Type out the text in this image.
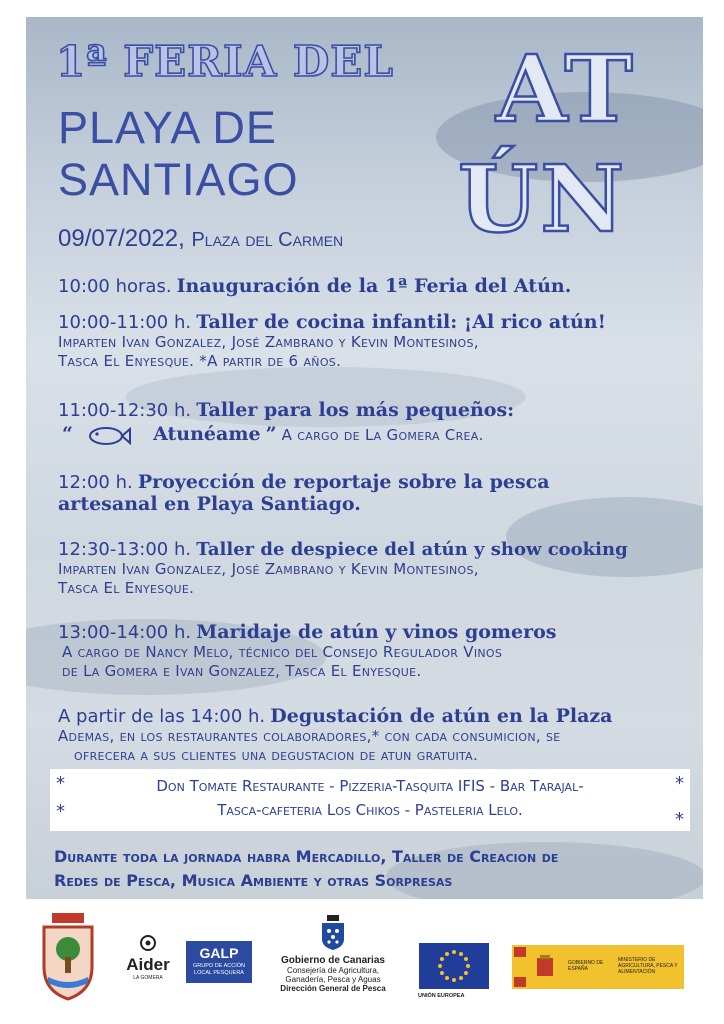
1ª FERIA DEL AT
ÚN
PLAYA DE
SANTIAGO
09/07/2022, Plaza del Carmen
10:00 horas. Inauguración de la 1ª Feria del Atún.
10:00-11:00 h. Taller de cocina infantil: ¡Al rico atún!
Imparten Ivan Gonzalez, José Zambrano y Kevin Montesinos,
Tasca El Enyesque. *A partir de 6 años.
11:00-12:30 h. Taller para los más pequeños:
“	Atunéame ” A cargo de La Gomera Crea.
12:00 h. Proyección de reportaje sobre la pesca
artesanal en Playa Santiago.
12:30-13:00 h. Taller de despiece del atún y show cooking
Imparten Ivan Gonzalez, José Zambrano y Kevin Montesinos,
Tasca El Enyesque.
13:00-14:00 h. Maridaje de atún y vinos gomeros
A cargo de Nancy Melo, técnico del Consejo Regulador Vinos
de La Gomera e Ivan Gonzalez, Tasca El Enyesque.
A partir de las 14:00 h. Degustación de atún en la Plaza
Ademas, en los restaurantes colaboradores,* con cada consumicion, se
ofrecera a sus clientes una degustacion de atun gratuita.
*	*
*	*
Don Tomate Restaurante - Pizzeria-Tasquita IFIS - Bar Tarajal-
Tasca-cafeteria Los Chikos - Pasteleria Lelo.
Durante toda la jornada habra Mercadillo, Taller de Creacion de
Redes de Pesca, Musica Ambiente y otras Sorpresas
Aider
LA GOMERA
GALP
GRUPO DE ACCIÓN LOCAL PESQUERA
Gobierno de Canarias
Consejería de Agricultura,
Ganadería, Pesca y Aguas
Dirección General de Pesca
UNIÓN EUROPEA
GOBIERNO DE ESPAÑA
MINISTERIO DE AGRICULTURA, PESCA Y ALIMENTACIÓN
